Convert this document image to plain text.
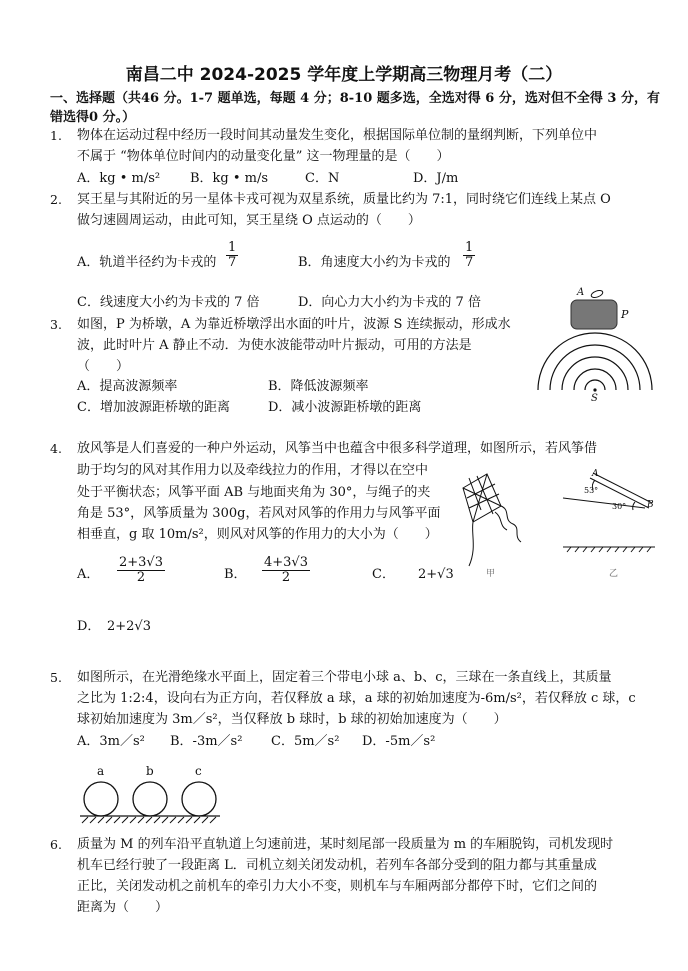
南昌二中 2024-2025 学年度上学期高三物理月考（二）
一、选择题（共46 分。1-7 题单选，每题 4 分；8-10 题多选，全选对得 6 分，选对但不全得 3 分，有
错选得0 分。）
1. 物体在运动过程中经历一段时间其动量发生变化，根据国际单位制的量纲判断，下列单位中
不属于 “物体单位时间内的动量变化量” 这一物理量的是（　　）
A．kg • m/s² B．kg • m/s	C．N	D．J/m
2. 冥王星与其附近的另一星体卡戎可视为双星系统，质量比约为 7:1，同时绕它们连线上某点 O
做匀速圆周运动，由此可知，冥王星绕 O 点运动的（　　）
A．轨道半径约为卡戎的 $\frac{1}{7}$	B．角速度大小约为卡戎的 $\frac{1}{7}$
C．线速度大小约为卡戎的 7 倍	D．向心力大小约为卡戎的 7 倍
3. 如图，P 为桥墩，A 为靠近桥墩浮出水面的叶片，波源 S 连续振动，形成水
波，此时叶片 A 静止不动．为使水波能带动叶片振动，可用的方法是
（　　）
A．提高波源频率	B．降低波源频率
C．增加波源距桥墩的距离	D．减小波源距桥墩的距离
A
P
S
4. 放风筝是人们喜爱的一种户外运动，风筝当中也蕴含中很多科学道理，如图所示，若风筝借
助于均匀的风对其作用力以及牵线拉力的作用，才得以在空中
处于平衡状态；风筝平面 AB 与地面夹角为 30°，与绳子的夹
角是 53°，风筝质量为 300g，若风对风筝的作用力与风筝平面
相垂直，g 取 10m/s²，则风对风筝的作用力的大小为（　　）
A． $\frac{2+3√3}{2}$	B． $\frac{4+3√3}{2}$	C． 2+√3
D． 2+2√3
甲
A
B
53°
30°
乙
5. 如图所示，在光滑绝缘水平面上，固定着三个带电小球 a、b、c，三球在一条直线上，其质量
之比为 1:2:4，设向右为正方向，若仅释放 a 球，a 球的初始加速度为-6m/s²，若仅释放 c 球，c
球初始加速度为 3m／s²，当仅释放 b 球时，b 球的初始加速度为（　　）
A．3m／s² B．-3m／s² C．5m／s² D．-5m／s²
a	b	c
6. 质量为 M 的列车沿平直轨道上匀速前进，某时刻尾部一段质量为 m 的车厢脱钩，司机发现时
机车已经行驶了一段距离 L．司机立刻关闭发动机，若列车各部分受到的阻力都与其重量成
正比，关闭发动机之前机车的牵引力大小不变，则机车与车厢两部分都停下时，它们之间的
距离为（　　）
